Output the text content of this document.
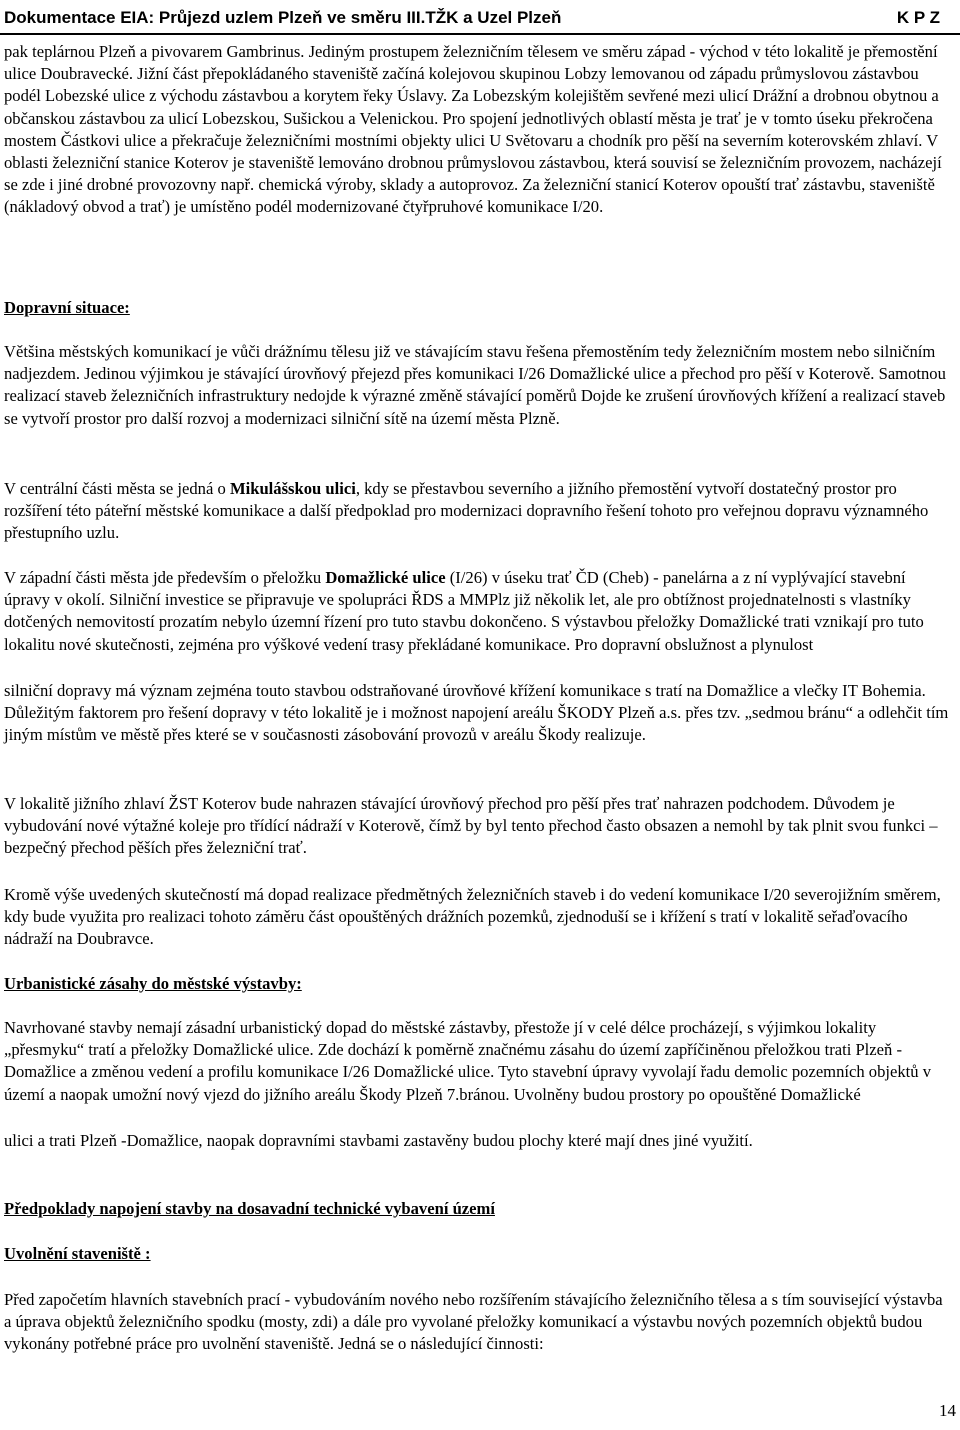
Dokumentace EIA: Průjezd uzlem Plzeň ve směru III.TŽK a Uzel Plzeň	K P Z

pak teplárnou Plzeň a pivovarem Gambrinus. Jediným prostupem železničním tělesem ve směru západ - východ v této lokalitě je přemostění ulice Doubravecké. Jižní část přepokládaného staveniště začíná kolejovou skupinou Lobzy lemovanou od západu průmyslovou zástavbou podél Lobezské ulice z východu zástavbou a korytem řeky Úslavy. Za Lobezským kolejištěm sevřené mezi ulicí Drážní a drobnou obytnou a občanskou zástavbou za ulicí Lobezskou, Sušickou a Velenickou. Pro spojení jednotlivých oblastí města je trať je v tomto úseku překročena mostem Částkovi ulice a překračuje železničními mostními objekty ulici U Světovaru a chodník pro pěší na severním koterovském zhlaví. V oblasti železniční stanice Koterov je staveniště lemováno drobnou průmyslovou zástavbou, která souvisí se železničním provozem, nacházejí se zde i jiné drobné provozovny např. chemická výroby, sklady a autoprovoz. Za železniční stanicí Koterov opouští trať zástavbu, staveniště (nákladový obvod a trať) je umístěno podél modernizované čtyřpruhové komunikace I/20.

Dopravní situace:

Většina městských komunikací je vůči drážnímu tělesu již ve stávajícím stavu řešena přemostěním tedy železničním mostem nebo silničním nadjezdem. Jedinou výjimkou je stávající úrovňový přejezd přes komunikaci I/26 Domažlické ulice a přechod pro pěší v Koterově. Samotnou realizací staveb železničních infrastruktury nedojde k výrazné změně stávající poměrů Dojde ke zrušení úrovňových křížení a realizací staveb se vytvoří prostor pro další rozvoj a modernizaci silniční sítě na území města Plzně.

V centrální části města se jedná o Mikulášskou ulici, kdy se přestavbou severního a jižního přemostění vytvoří dostatečný prostor pro rozšíření této páteřní městské komunikace a další předpoklad pro modernizaci dopravního řešení tohoto pro veřejnou dopravu významného přestupního uzlu.

V západní části města jde především o přeložku Domažlické ulice (I/26) v úseku trať ČD (Cheb) - panelárna a z ní vyplývající stavební úpravy v okolí. Silniční investice se připravuje ve spolupráci ŘDS a MMPlz již několik let, ale pro obtížnost projednatelnosti s vlastníky dotčených nemovitostí prozatím nebylo územní řízení pro tuto stavbu dokončeno. S výstavbou přeložky Domažlické trati vznikají pro tuto lokalitu nové skutečnosti, zejména pro výškové vedení trasy překládané komunikace. Pro dopravní obslužnost a plynulost

silniční dopravy má význam zejména touto stavbou odstraňované úrovňové křížení komunikace s tratí na Domažlice a vlečky IT Bohemia. Důležitým faktorem pro řešení dopravy v této lokalitě je i možnost napojení areálu ŠKODY Plzeň a.s. přes tzv. „sedmou bránu“ a odlehčit tím jiným místům ve městě přes které se v současnosti zásobování provozů v areálu Škody realizuje.

V lokalitě jižního zhlaví ŽST Koterov bude nahrazen stávající úrovňový přechod pro pěší přes trať nahrazen podchodem. Důvodem je vybudování nové výtažné koleje pro třídící nádraží v Koterově, čímž by byl tento přechod často obsazen a nemohl by tak plnit svou funkci – bezpečný přechod pěších přes železniční trať.

Kromě výše uvedených skutečností má dopad realizace předmětných železničních staveb i do vedení komunikace I/20 severojižním směrem, kdy bude využita pro realizaci tohoto záměru část opouštěných drážních pozemků, zjednoduší se i křížení s tratí v lokalitě seřaďovacího nádraží na Doubravce.

Urbanistické zásahy do městské výstavby:

Navrhované stavby nemají zásadní urbanistický dopad do městské zástavby, přestože jí v celé délce procházejí, s výjimkou lokality „přesmyku“ tratí a přeložky Domažlické ulice. Zde dochází k poměrně značnému zásahu do území zapříčiněnou přeložkou trati Plzeň - Domažlice a změnou vedení a profilu komunikace I/26 Domažlické ulice. Tyto stavební úpravy vyvolají řadu demolic pozemních objektů v území a naopak umožní nový vjezd do jižního areálu Škody Plzeň 7.bránou. Uvolněny budou prostory po opouštěné Domažlické

ulici a trati Plzeň -Domažlice, naopak dopravními stavbami zastavěny budou plochy které mají dnes jiné využití.

Předpoklady napojení stavby na dosavadní technické vybavení území

Uvolnění staveniště :

Před započetím hlavních stavebních prací - vybudováním nového nebo rozšířením stávajícího železničního tělesa a s tím související výstavba a úprava objektů železničního spodku (mosty, zdi) a dále pro vyvolané přeložky komunikací a výstavbu nových pozemních objektů budou vykonány potřebné práce pro uvolnění staveniště. Jedná se o následující činnosti:

14
